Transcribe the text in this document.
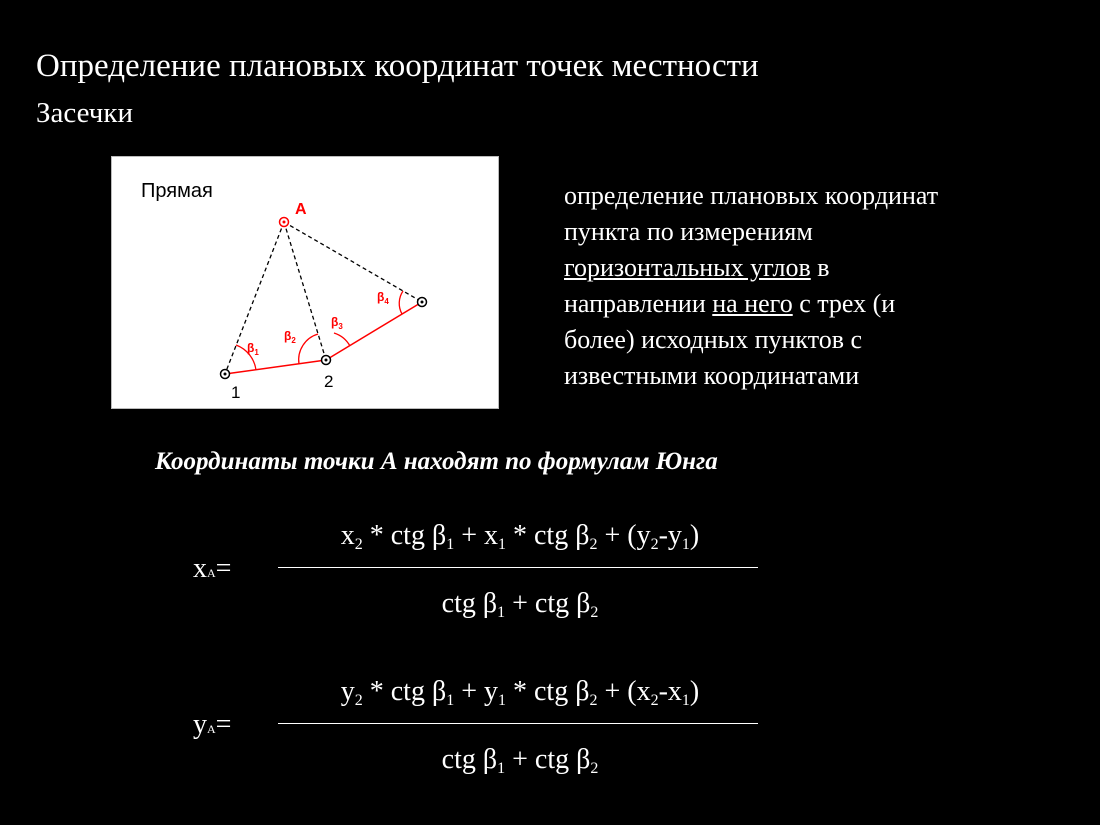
Определение плановых координат точек местности
Засечки
Прямая
A
1
2
$\beta_1$
$\beta_2$
$\beta_3$
$\beta_4$
определение плановых координат
пункта по измерениям
горизонтальных углов в
направлении на него с трех (и
более) исходных пунктов с
известными координатами
Координаты точки А находят по формулам Юнга
xA=
$x_2$ * ctg $\beta_1 + x_1$ * ctg $\beta_2 + (y_2-y_1)$
ctg $\beta_1$ + ctg $\beta_2$
yA=
$y_2$ * ctg $\beta_1 + y_1$ * ctg $\beta_2 + (x_2-x_1)$
ctg $\beta_1$ + ctg $\beta_2$
